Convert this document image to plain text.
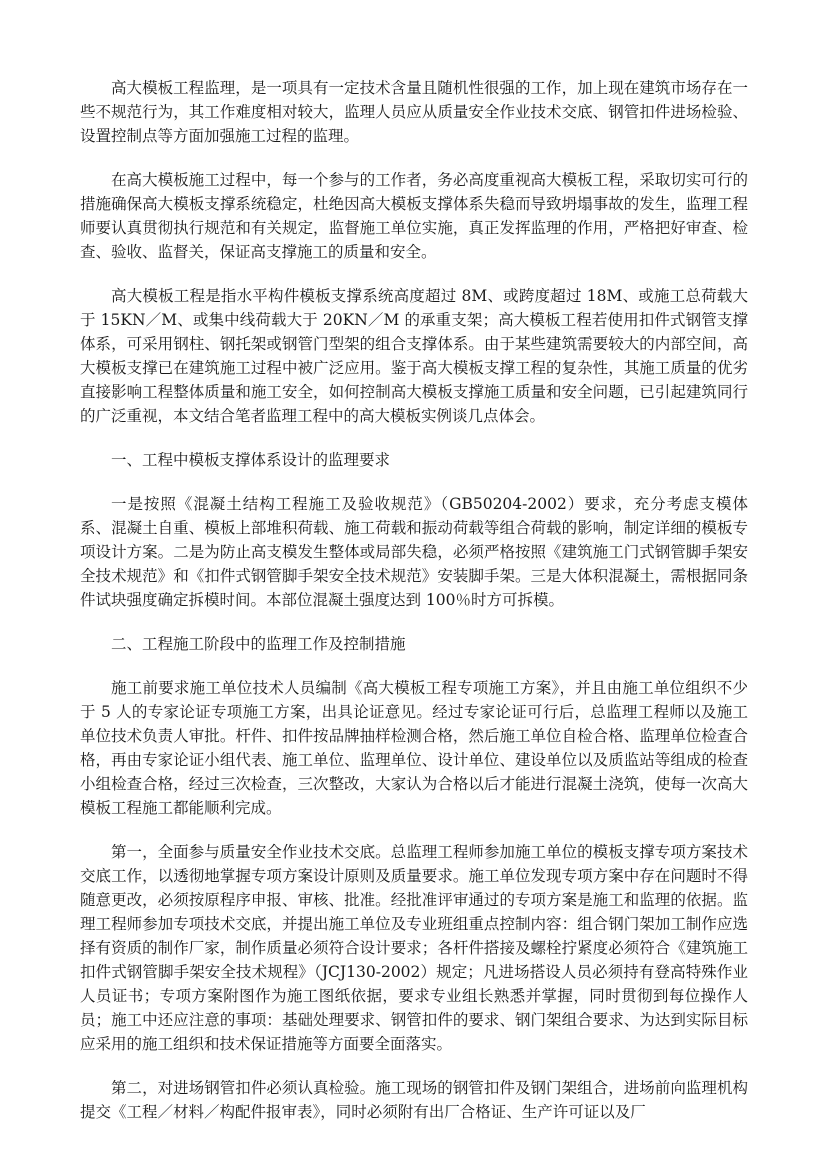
高大模板工程监理，是一项具有一定技术含量且随机性很强的工作，加上现在建筑市场存在一些不规范行为，其工作难度相对较大，监理人员应从质量安全作业技术交底、钢管扣件进场检验、设置控制点等方面加强施工过程的监理。

在高大模板施工过程中，每一个参与的工作者，务必高度重视高大模板工程，采取切实可行的措施确保高大模板支撑系统稳定，杜绝因高大模板支撑体系失稳而导致坍塌事故的发生，监理工程师要认真贯彻执行规范和有关规定，监督施工单位实施，真正发挥监理的作用，严格把好审查、检查、验收、监督关，保证高支撑施工的质量和安全。

高大模板工程是指水平构件模板支撑系统高度超过 8M、或跨度超过 18M、或施工总荷载大于 15KN／M、或集中线荷载大于 20KN／M 的承重支架；高大模板工程若使用扣件式钢管支撑体系，可采用钢柱、钢托架或钢管门型架的组合支撑体系。由于某些建筑需要较大的内部空间，高大模板支撑已在建筑施工过程中被广泛应用。鉴于高大模板支撑工程的复杂性，其施工质量的优劣直接影响工程整体质量和施工安全，如何控制高大模板支撑施工质量和安全问题，已引起建筑同行的广泛重视，本文结合笔者监理工程中的高大模板实例谈几点体会。

一、工程中模板支撑体系设计的监理要求

一是按照《混凝土结构工程施工及验收规范》（GB50204-2002）要求，充分考虑支模体系、混凝土自重、模板上部堆积荷载、施工荷载和振动荷载等组合荷载的影响，制定详细的模板专项设计方案。二是为防止高支模发生整体或局部失稳，必须严格按照《建筑施工门式钢管脚手架安全技术规范》和《扣件式钢管脚手架安全技术规范》安装脚手架。三是大体积混凝土，需根据同条件试块强度确定拆模时间。本部位混凝土强度达到 100％时方可拆模。

二、工程施工阶段中的监理工作及控制措施

施工前要求施工单位技术人员编制《高大模板工程专项施工方案》，并且由施工单位组织不少于 5 人的专家论证专项施工方案，出具论证意见。经过专家论证可行后，总监理工程师以及施工单位技术负责人审批。杆件、扣件按品牌抽样检测合格，然后施工单位自检合格、监理单位检查合格，再由专家论证小组代表、施工单位、监理单位、设计单位、建设单位以及质监站等组成的检查小组检查合格，经过三次检查，三次整改，大家认为合格以后才能进行混凝土浇筑，使每一次高大模板工程施工都能顺利完成。

第一，全面参与质量安全作业技术交底。总监理工程师参加施工单位的模板支撑专项方案技术交底工作，以透彻地掌握专项方案设计原则及质量要求。施工单位发现专项方案中存在问题时不得随意更改，必须按原程序申报、审核、批准。经批准评审通过的专项方案是施工和监理的依据。监理工程师参加专项技术交底，并提出施工单位及专业班组重点控制内容：组合钢门架加工制作应选择有资质的制作厂家，制作质量必须符合设计要求；各杆件搭接及螺栓拧紧度必须符合《建筑施工扣件式钢管脚手架安全技术规程》（JCJ130-2002）规定；凡进场搭设人员必须持有登高特殊作业人员证书；专项方案附图作为施工图纸依据，要求专业组长熟悉并掌握，同时贯彻到每位操作人员；施工中还应注意的事项：基础处理要求、钢管扣件的要求、钢门架组合要求、为达到实际目标应采用的施工组织和技术保证措施等方面要全面落实。

第二，对进场钢管扣件必须认真检验。施工现场的钢管扣件及钢门架组合，进场前向监理机构提交《工程／材料／构配件报审表》，同时必须附有出厂合格证、生产许可证以及厂
